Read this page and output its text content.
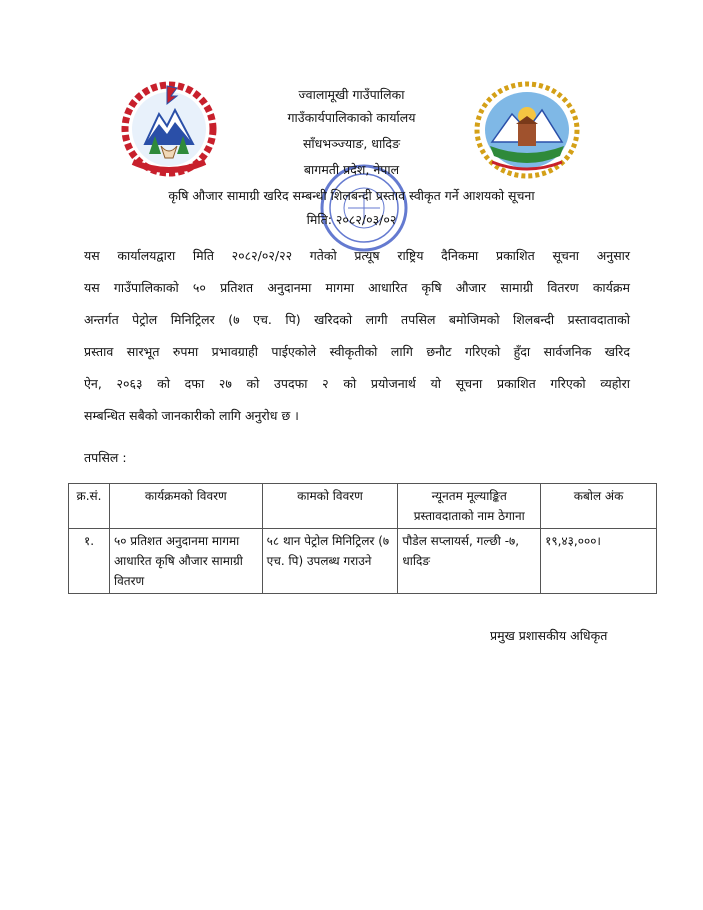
ज्वालामूखी गाउँपालिका
गाउँकार्यपालिकाको कार्यालय
साँधभञ्ज्याङ, धादिङ
बागमती प्रदेश, नेपाल
कृषि औजार सामाग्री खरिद सम्बन्धी शिलबन्दी प्रस्ताव स्वीकृत गर्ने आशयको सूचना
मिति: २०८२/०३/०२

यस कार्यालयद्वारा मिति २०८२/०२/२२ गतेको प्रत्यूष राष्ट्रिय दैनिकमा प्रकाशित सूचना अनुसार

यस गाउँपालिकाको ५० प्रतिशत अनुदानमा मागमा आधारित कृषि औजार सामाग्री वितरण कार्यक्रम

अन्तर्गत पेट्रोल मिनिट्रिलर (७ एच. पि) खरिदको लागी तपसिल बमोजिमको शिलबन्दी प्रस्तावदाताको

प्रस्ताव सारभूत रुपमा प्रभावग्राही पाईएकोले स्वीकृतीको लागि छनौट गरिएको हुँदा सार्वजनिक खरिद

ऐन, २०६३ को दफा २७ को उपदफा २ को प्रयोजनार्थ यो सूचना प्रकाशित गरिएको व्यहोरा

सम्बन्धित सबैको जानकारीको लागि अनुरोध छ ।

तपसिल :
क्र.सं.	कार्यक्रमको विवरण	कामको विवरण	न्यूनतम मूल्याङ्कित प्रस्तावदाताको नाम ठेगाना	कबोल अंक
१.	५० प्रतिशत अनुदानमा मागमा आधारित कृषि औजार सामाग्री वितरण	५८ थान पेट्रोल मिनिट्रिलर (७ एच. पि) उपलब्ध गराउने	पौडेल सप्लायर्स, गल्छी -७, धादिङ	१९,४३,०००।
प्रमुख प्रशासकीय अधिकृत
